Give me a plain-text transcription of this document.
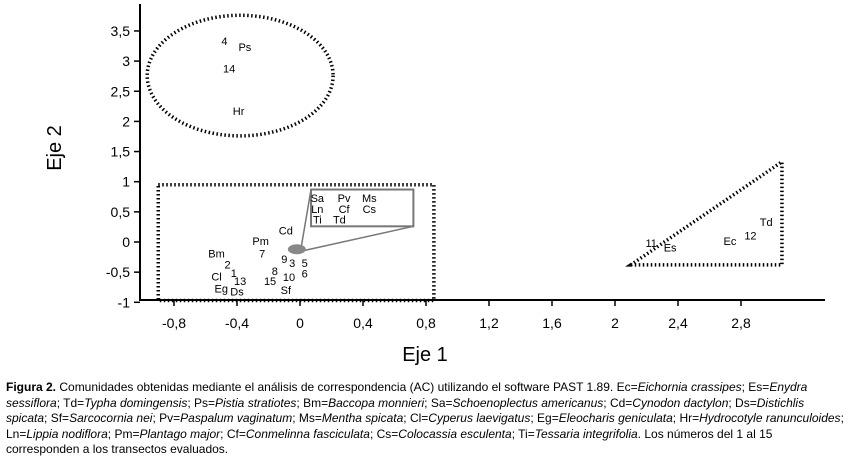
-0,8	-0,4	0	0,4	0,8	1,2	1,6	2	2,4	2,8
-1
-0,5
0
0,5
1
1,5
2
2,5
3
3,5
Sa Pv Ms
Ln Cf Cs
Ti Td
4
Ps
14
Hr
Cd
Pm
7
Bm
2
1
Cl 13
Eg Ds
9 3 5
8
10 6
15
Sf
11 Es
Ec 12
Td
Eje 1
Eje 2
Figura 2. Comunidades obtenidas mediante el análisis de correspondencia (AC) utilizando el software PAST 1.89. Ec=Eichornia crassipes; Es=Enydra sessiflora; Td=Typha domingensis; Ps=Pistia stratiotes; Bm=Baccopa monnieri; Sa=Schoenoplectus americanus; Cd=Cynodon dactylon; Ds=Distichlis spicata; Sf=Sarcocornia nei; Pv=Paspalum vaginatum; Ms=Mentha spicata; Cl=Cyperus laevigatus; Eg=Eleocharis geniculata; Hr=Hydrocotyle ranunculoides; Ln=Lippia nodiflora; Pm=Plantago major; Cf=Conmelinna fasciculata; Cs=Colocassia esculenta; Ti=Tessaria integrifolia. Los números del 1 al 15 corresponden a los transectos evaluados.
